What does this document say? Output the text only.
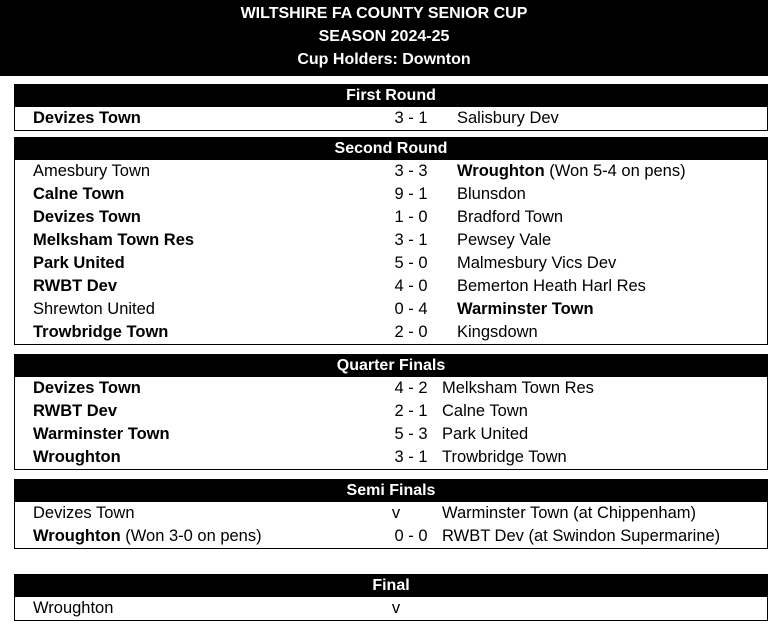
WILTSHIRE FA COUNTY SENIOR CUP
SEASON 2024-25
Cup Holders: Downton
First Round
Devizes Town	3 - 1	Salisbury Dev
Second Round
Amesbury Town	3 - 3	Wroughton (Won 5-4 on pens)
Calne Town	9 - 1	Blunsdon
Devizes Town	1 - 0	Bradford Town
Melksham Town Res	3 - 1	Pewsey Vale
Park United	5 - 0	Malmesbury Vics Dev
RWBT Dev	4 - 0	Bemerton Heath Harl Res
Shrewton United	0 - 4	Warminster Town
Trowbridge Town	2 - 0	Kingsdown
Quarter Finals
Devizes Town	4 - 2 Melksham Town Res
RWBT Dev	2 - 1 Calne Town
Warminster Town	5 - 3 Park United
Wroughton	3 - 1 Trowbridge Town
Semi Finals
Devizes Town	v	Warminster Town (at Chippenham)
Wroughton (Won 3-0 on pens)	0 - 0 RWBT Dev (at Swindon Supermarine)
Final
Wroughton	v
